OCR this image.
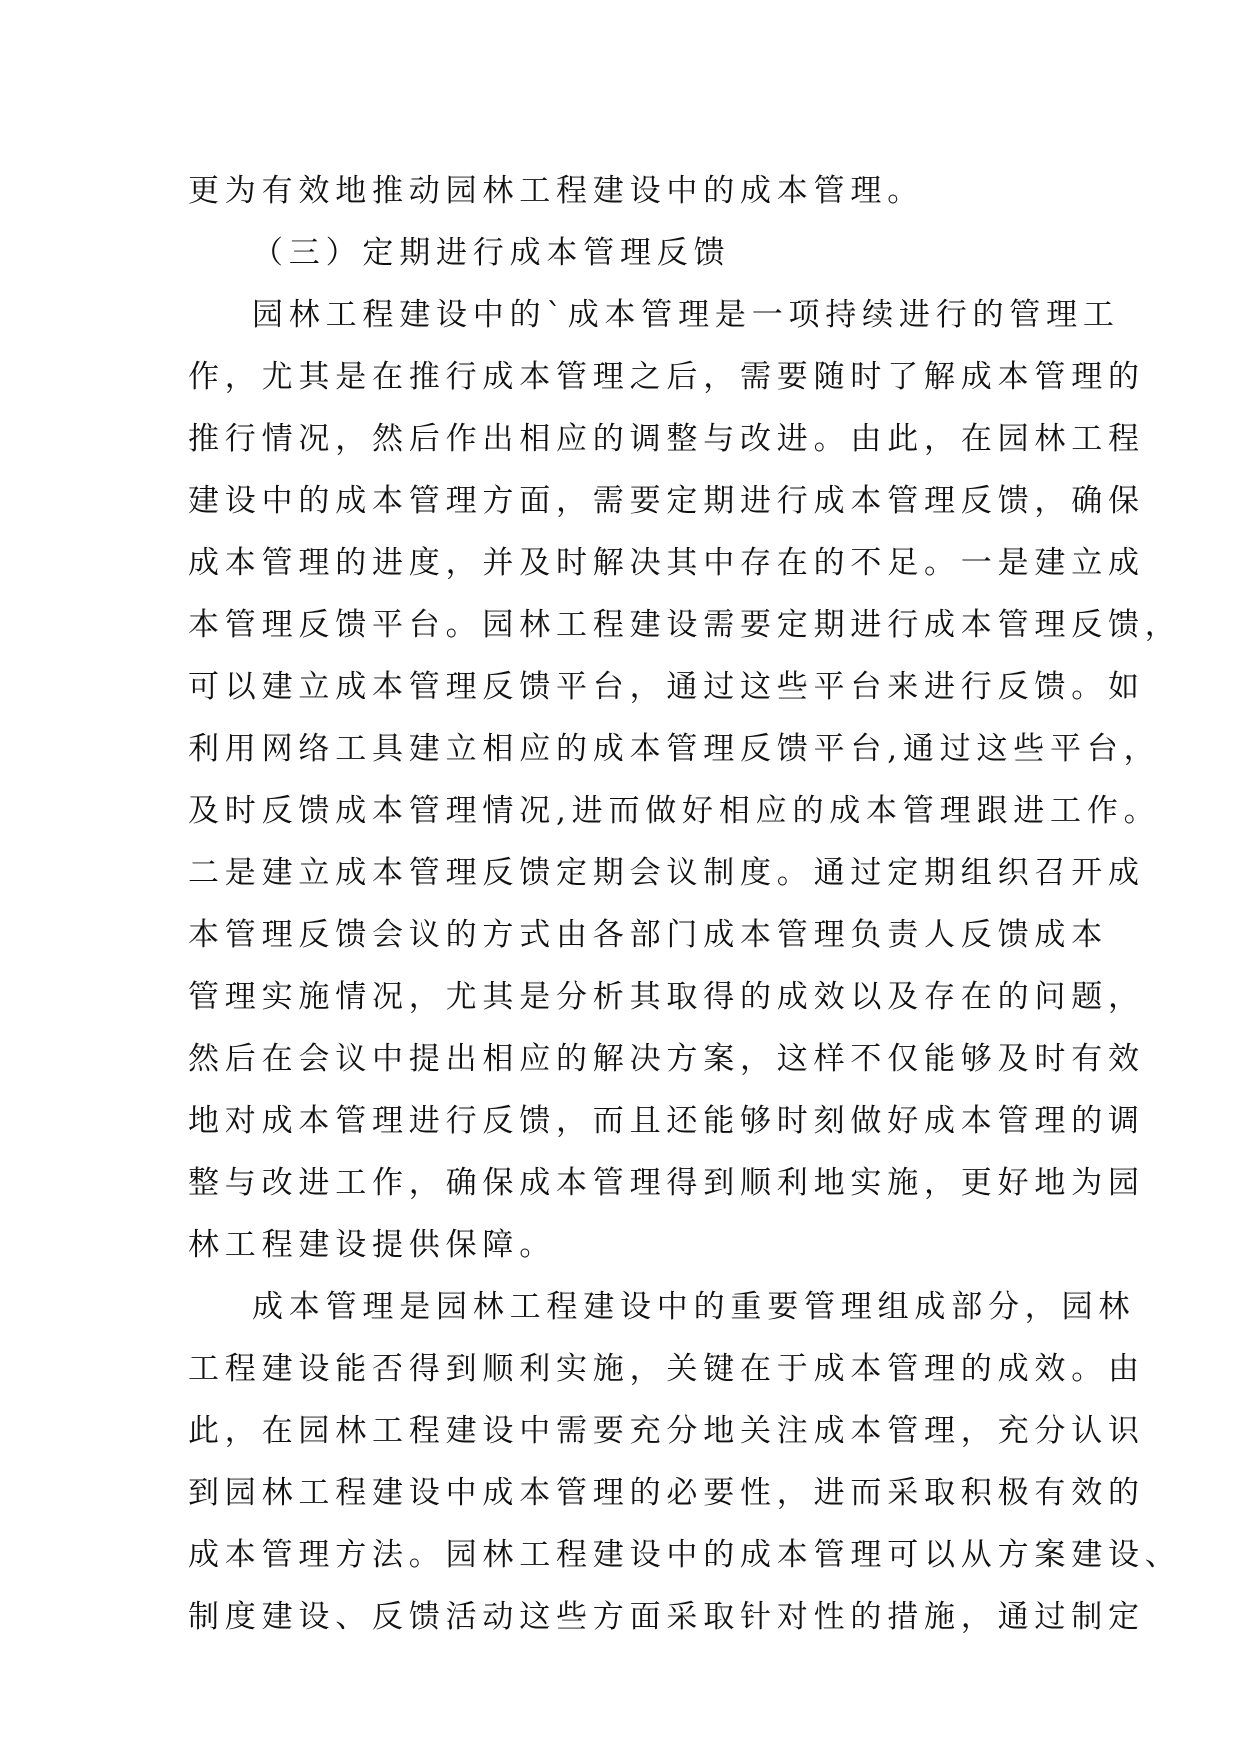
更为有效地推动园林工程建设中的成本管理。
（三）定期进行成本管理反馈
园林工程建设中的`成本管理是一项持续进行的管理工
作，尤其是在推行成本管理之后，需要随时了解成本管理的
推行情况，然后作出相应的调整与改进。由此，在园林工程
建设中的成本管理方面，需要定期进行成本管理反馈，确保
成本管理的进度，并及时解决其中存在的不足。一是建立成
本管理反馈平台。园林工程建设需要定期进行成本管理反馈，
可以建立成本管理反馈平台，通过这些平台来进行反馈。如
利用网络工具建立相应的成本管理反馈平台,通过这些平台，
及时反馈成本管理情况,进而做好相应的成本管理跟进工作。
二是建立成本管理反馈定期会议制度。通过定期组织召开成
本管理反馈会议的方式由各部门成本管理负责人反馈成本
管理实施情况，尤其是分析其取得的成效以及存在的问题，
然后在会议中提出相应的解决方案，这样不仅能够及时有效
地对成本管理进行反馈，而且还能够时刻做好成本管理的调
整与改进工作，确保成本管理得到顺利地实施，更好地为园
林工程建设提供保障。
成本管理是园林工程建设中的重要管理组成部分，园林
工程建设能否得到顺利实施，关键在于成本管理的成效。由
此，在园林工程建设中需要充分地关注成本管理，充分认识
到园林工程建设中成本管理的必要性，进而采取积极有效的
成本管理方法。园林工程建设中的成本管理可以从方案建设、
制度建设、反馈活动这些方面采取针对性的措施，通过制定
